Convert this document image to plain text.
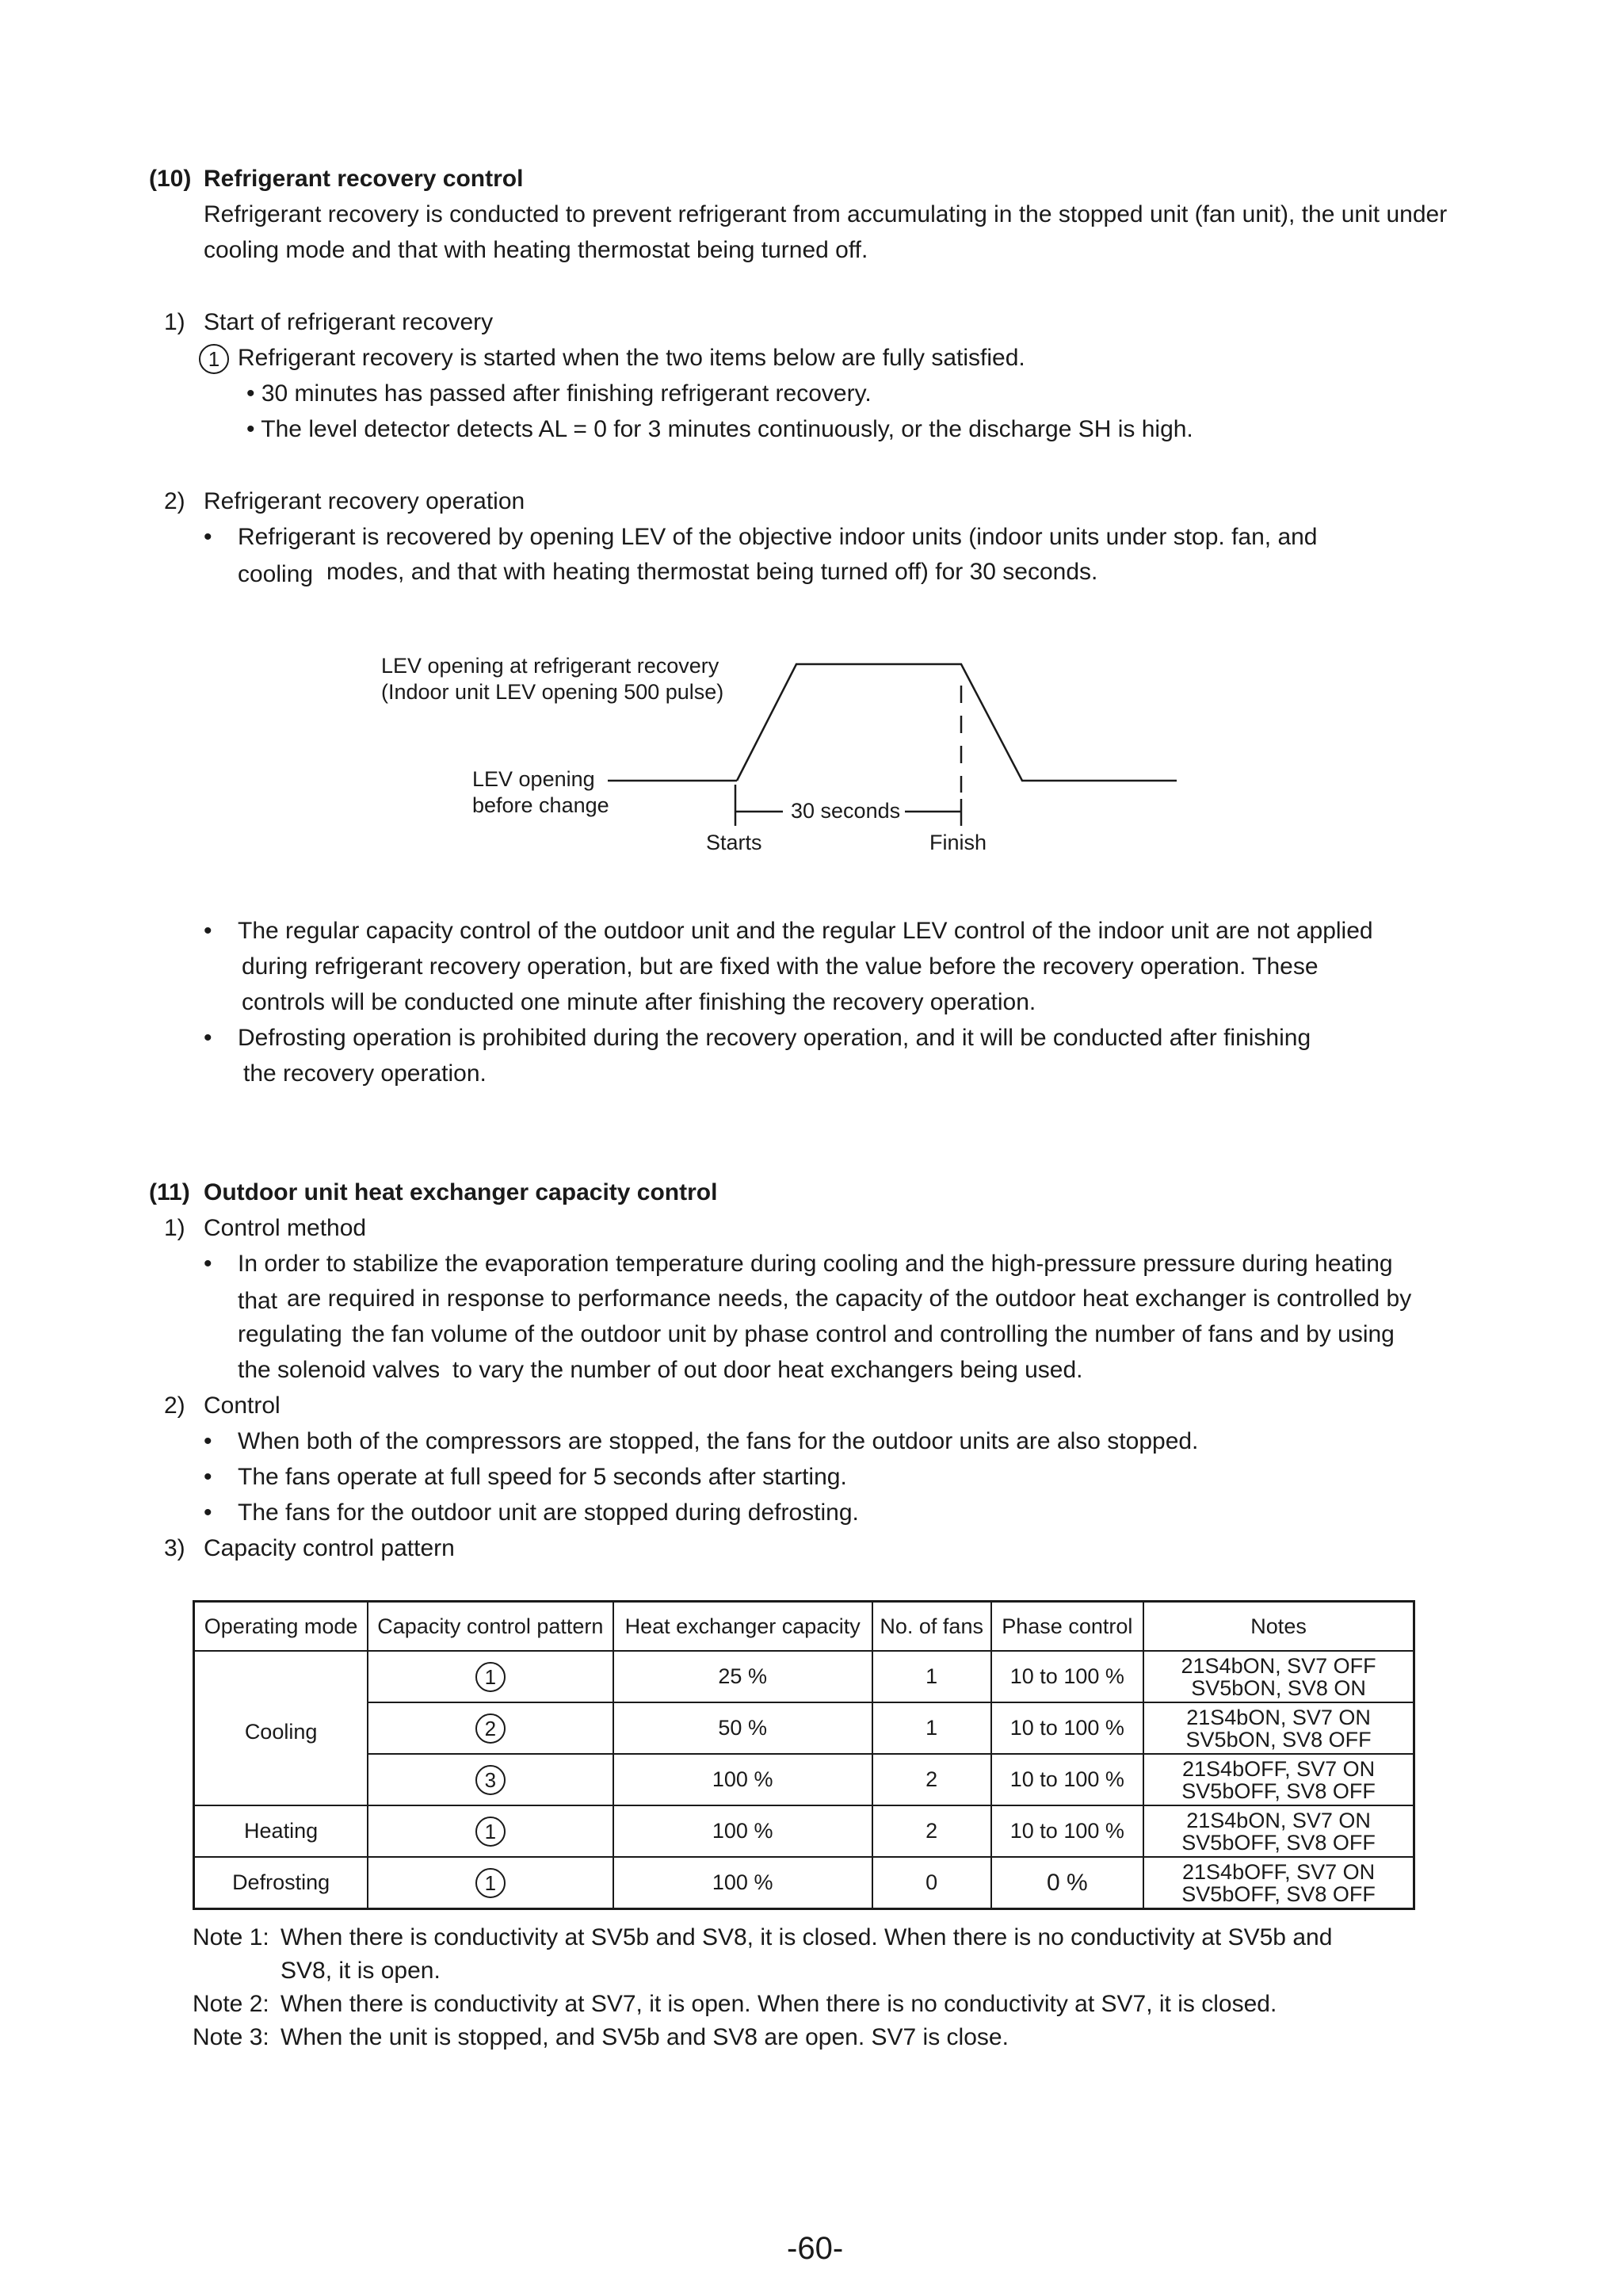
(10) Refrigerant recovery control
Refrigerant recovery is conducted to prevent refrigerant from accumulating in the stopped unit (fan unit), the unit under
cooling mode and that with heating thermostat being turned off.
1) Start of refrigerant recovery
1 Refrigerant recovery is started when the two items below are fully satisfied.
• 30 minutes has passed after finishing refrigerant recovery.
• The level detector detects AL = 0 for 3 minutes continuously, or the discharge SH is high.
2) Refrigerant recovery operation
• Refrigerant is recovered by opening LEV of the objective indoor units (indoor units under stop. fan, and
cooling modes, and that with heating thermostat being turned off) for 30 seconds.
LEV opening at refrigerant recovery
(Indoor unit LEV opening 500 pulse)
LEV opening
before change	30 seconds
Starts	Finish
• The regular capacity control of the outdoor unit and the regular LEV control of the indoor unit are not applied
during refrigerant recovery operation, but are fixed with the value before the recovery operation. These
controls will be conducted one minute after finishing the recovery operation.
• Defrosting operation is prohibited during the recovery operation, and it will be conducted after finishing
the recovery operation.
(11) Outdoor unit heat exchanger capacity control
1) Control method
• In order to stabilize the evaporation temperature during cooling and the high-pressure pressure during heating
that are required in response to performance needs, the capacity of the outdoor heat exchanger is controlled by
regulating the fan volume of the outdoor unit by phase control and controlling the number of fans and by using
the solenoid valves to vary the number of out door heat exchangers being used.
2) Control
• When both of the compressors are stopped, the fans for the outdoor units are also stopped.
• The fans operate at full speed for 5 seconds after starting.
• The fans for the outdoor unit are stopped during defrosting.
3) Capacity control pattern
Operating mode	Capacity control pattern	Heat exchanger capacity	No. of fans	Phase control	Notes
Cooling	1	25 %	1	10 to 100 %	21S4bON, SV7 OFF
SV5bON, SV8 ON

	2	50 %	1	10 to 100 %	21S4bON, SV7 ON
SV5bON, SV8 OFF

	3	100 %	2	10 to 100 %	21S4bOFF, SV7 ON
SV5bOFF, SV8 OFF

Heating	1	100 %	2	10 to 100 %	21S4bON, SV7 ON
SV5bOFF, SV8 OFF

Defrosting	1	100 %	0	0 %	21S4bOFF, SV7 ON
SV5bOFF, SV8 OFF
Note 1: When there is conductivity at SV5b and SV8, it is closed. When there is no conductivity at SV5b and
SV8, it is open.
Note 2: When there is conductivity at SV7, it is open. When there is no conductivity at SV7, it is closed.
Note 3: When the unit is stopped, and SV5b and SV8 are open. SV7 is close.
-60-
